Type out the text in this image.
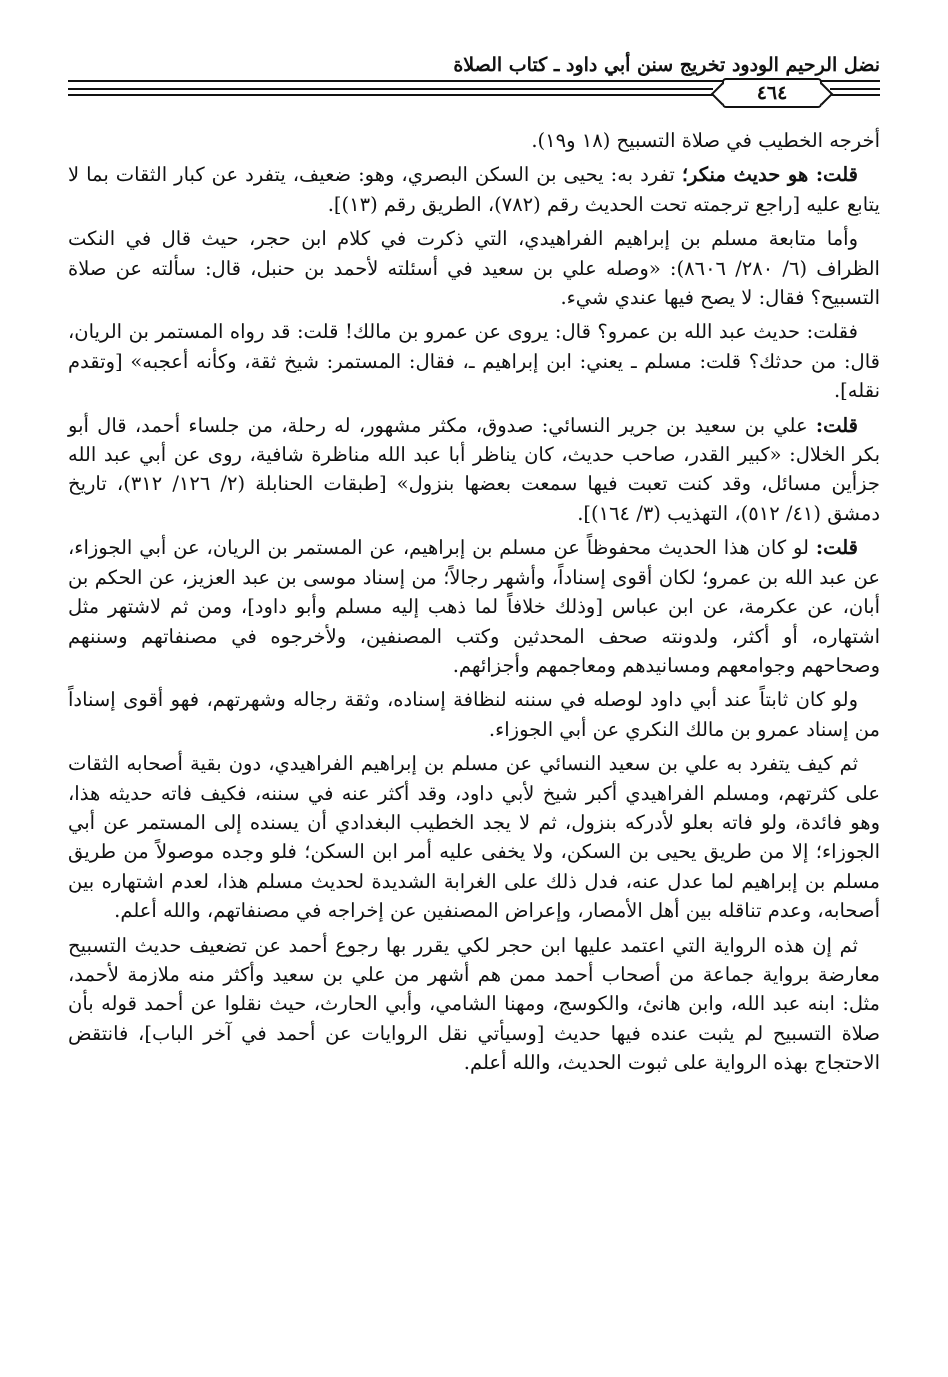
نضل الرحيم الودود تخريج سنن أبي داود ـ كتاب الصلاة
٤٦٤

أخرجه الخطيب في صلاة التسبيح (١٨ و١٩).

قلت: هو حديث منكر؛ تفرد به: يحيى بن السكن البصري، وهو: ضعيف، يتفرد عن كبار الثقات بما لا يتابع عليه [راجع ترجمته تحت الحديث رقم (٧٨٢)، الطريق رقم (١٣)].

وأما متابعة مسلم بن إبراهيم الفراهيدي، التي ذكرت في كلام ابن حجر، حيث قال في النكت الظراف (٦/ ٢٨٠/ ٨٦٠٦): «وصله علي بن سعيد في أسئلته لأحمد بن حنبل، قال: سألته عن صلاة التسبيح؟ فقال: لا يصح فيها عندي شيء.

فقلت: حديث عبد الله بن عمرو؟ قال: يروى عن عمرو بن مالك! قلت: قد رواه المستمر بن الريان، قال: من حدثك؟ قلت: مسلم ـ يعني: ابن إبراهيم ـ، فقال: المستمر: شيخ ثقة، وكأنه أعجبه» [وتقدم نقله].

قلت: علي بن سعيد بن جرير النسائي: صدوق، مكثر مشهور، له رحلة، من جلساء أحمد، قال أبو بكر الخلال: «كبير القدر، صاحب حديث، كان يناظر أبا عبد الله مناظرة شافية، روى عن أبي عبد الله جزأين مسائل، وقد كنت تعبت فيها سمعت بعضها بنزول» [طبقات الحنابلة (٢/ ١٢٦/ ٣١٢)، تاريخ دمشق (٤١/ ٥١٢)، التهذيب (٣/ ١٦٤)].

قلت: لو كان هذا الحديث محفوظاً عن مسلم بن إبراهيم، عن المستمر بن الريان، عن أبي الجوزاء، عن عبد الله بن عمرو؛ لكان أقوى إسناداً، وأشهر رجالاً؛ من إسناد موسى بن عبد العزيز، عن الحكم بن أبان، عن عكرمة، عن ابن عباس [وذلك خلافاً لما ذهب إليه مسلم وأبو داود]، ومن ثم لاشتهر مثل اشتهاره، أو أكثر، ولدونته صحف المحدثين وكتب المصنفين، ولأخرجوه في مصنفاتهم وسننهم وصحاحهم وجوامعهم ومسانيدهم ومعاجمهم وأجزائهم.

ولو كان ثابتاً عند أبي داود لوصله في سننه لنظافة إسناده، وثقة رجاله وشهرتهم، فهو أقوى إسناداً من إسناد عمرو بن مالك النكري عن أبي الجوزاء.

ثم كيف يتفرد به علي بن سعيد النسائي عن مسلم بن إبراهيم الفراهيدي، دون بقية أصحابه الثقات على كثرتهم، ومسلم الفراهيدي أكبر شيخ لأبي داود، وقد أكثر عنه في سننه، فكيف فاته حديثه هذا، وهو فائدة، ولو فاته بعلو لأدركه بنزول، ثم لا يجد الخطيب البغدادي أن يسنده إلى المستمر عن أبي الجوزاء؛ إلا من طريق يحيى بن السكن، ولا يخفى عليه أمر ابن السكن؛ فلو وجده موصولاً من طريق مسلم بن إبراهيم لما عدل عنه، فدل ذلك على الغرابة الشديدة لحديث مسلم هذا، لعدم اشتهاره بين أصحابه، وعدم تناقله بين أهل الأمصار، وإعراض المصنفين عن إخراجه في مصنفاتهم، والله أعلم.

ثم إن هذه الرواية التي اعتمد عليها ابن حجر لكي يقرر بها رجوع أحمد عن تضعيف حديث التسبيح معارضة برواية جماعة من أصحاب أحمد ممن هم أشهر من علي بن سعيد وأكثر منه ملازمة لأحمد، مثل: ابنه عبد الله، وابن هانئ، والكوسج، ومهنا الشامي، وأبي الحارث، حيث نقلوا عن أحمد قوله بأن صلاة التسبيح لم يثبت عنده فيها حديث [وسيأتي نقل الروايات عن أحمد في آخر الباب]، فانتقض الاحتجاج بهذه الرواية على ثبوت الحديث، والله أعلم.
